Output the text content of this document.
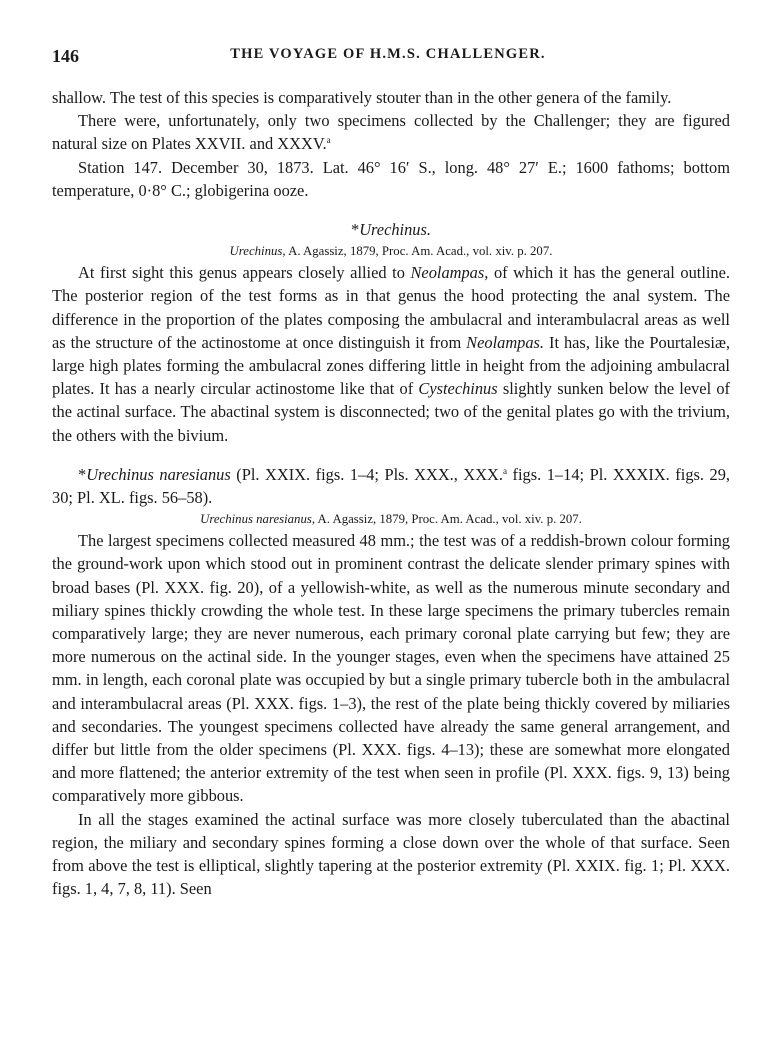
146	THE VOYAGE OF H.M.S. CHALLENGER.

shallow. The test of this species is comparatively stouter than in the other genera of the family.

There were, unfortunately, only two specimens collected by the Challenger; they are figured natural size on Plates XXVII. and XXXV.$^a$

Station 147. December 30, 1873. Lat. 46° 16′ S., long. 48° 27′ E.; 1600 fathoms; bottom temperature, 0·8° C.; globigerina ooze.

*Urechinus.
Urechinus, A. Agassiz, 1879, Proc. Am. Acad., vol. xiv. p. 207.

At first sight this genus appears closely allied to Neolampas, of which it has the general outline. The posterior region of the test forms as in that genus the hood protecting the anal system. The difference in the proportion of the plates composing the ambulacral and interambulacral areas as well as the structure of the actinostome at once distinguish it from Neolampas. It has, like the Pourtalesiæ, large high plates forming the ambulacral zones differing little in height from the adjoining ambulacral plates. It has a nearly circular actinostome like that of Cystechinus slightly sunken below the level of the actinal surface. The abactinal system is disconnected; two of the genital plates go with the trivium, the others with the bivium.

*Urechinus naresianus (Pl. XXIX. figs. 1–4; Pls. XXX., XXX.$^a$ figs. 1–14; Pl. XXXIX. figs. 29, 30; Pl. XL. figs. 56–58).

Urechinus naresianus, A. Agassiz, 1879, Proc. Am. Acad., vol. xiv. p. 207.

The largest specimens collected measured 48 mm.; the test was of a reddish-brown colour forming the ground-work upon which stood out in prominent contrast the delicate slender primary spines with broad bases (Pl. XXX. fig. 20), of a yellowish-white, as well as the numerous minute secondary and miliary spines thickly crowding the whole test. In these large specimens the primary tubercles remain comparatively large; they are never numerous, each primary coronal plate carrying but few; they are more numerous on the actinal side. In the younger stages, even when the specimens have attained 25 mm. in length, each coronal plate was occupied by but a single primary tubercle both in the ambulacral and interambulacral areas (Pl. XXX. figs. 1–3), the rest of the plate being thickly covered by miliaries and secondaries. The youngest specimens collected have already the same general arrangement, and differ but little from the older specimens (Pl. XXX. figs. 4–13); these are somewhat more elongated and more flattened; the anterior extremity of the test when seen in profile (Pl. XXX. figs. 9, 13) being comparatively more gibbous.

In all the stages examined the actinal surface was more closely tuberculated than the abactinal region, the miliary and secondary spines forming a close down over the whole of that surface. Seen from above the test is elliptical, slightly tapering at the posterior extremity (Pl. XXIX. fig. 1; Pl. XXX. figs. 1, 4, 7, 8, 11). Seen
